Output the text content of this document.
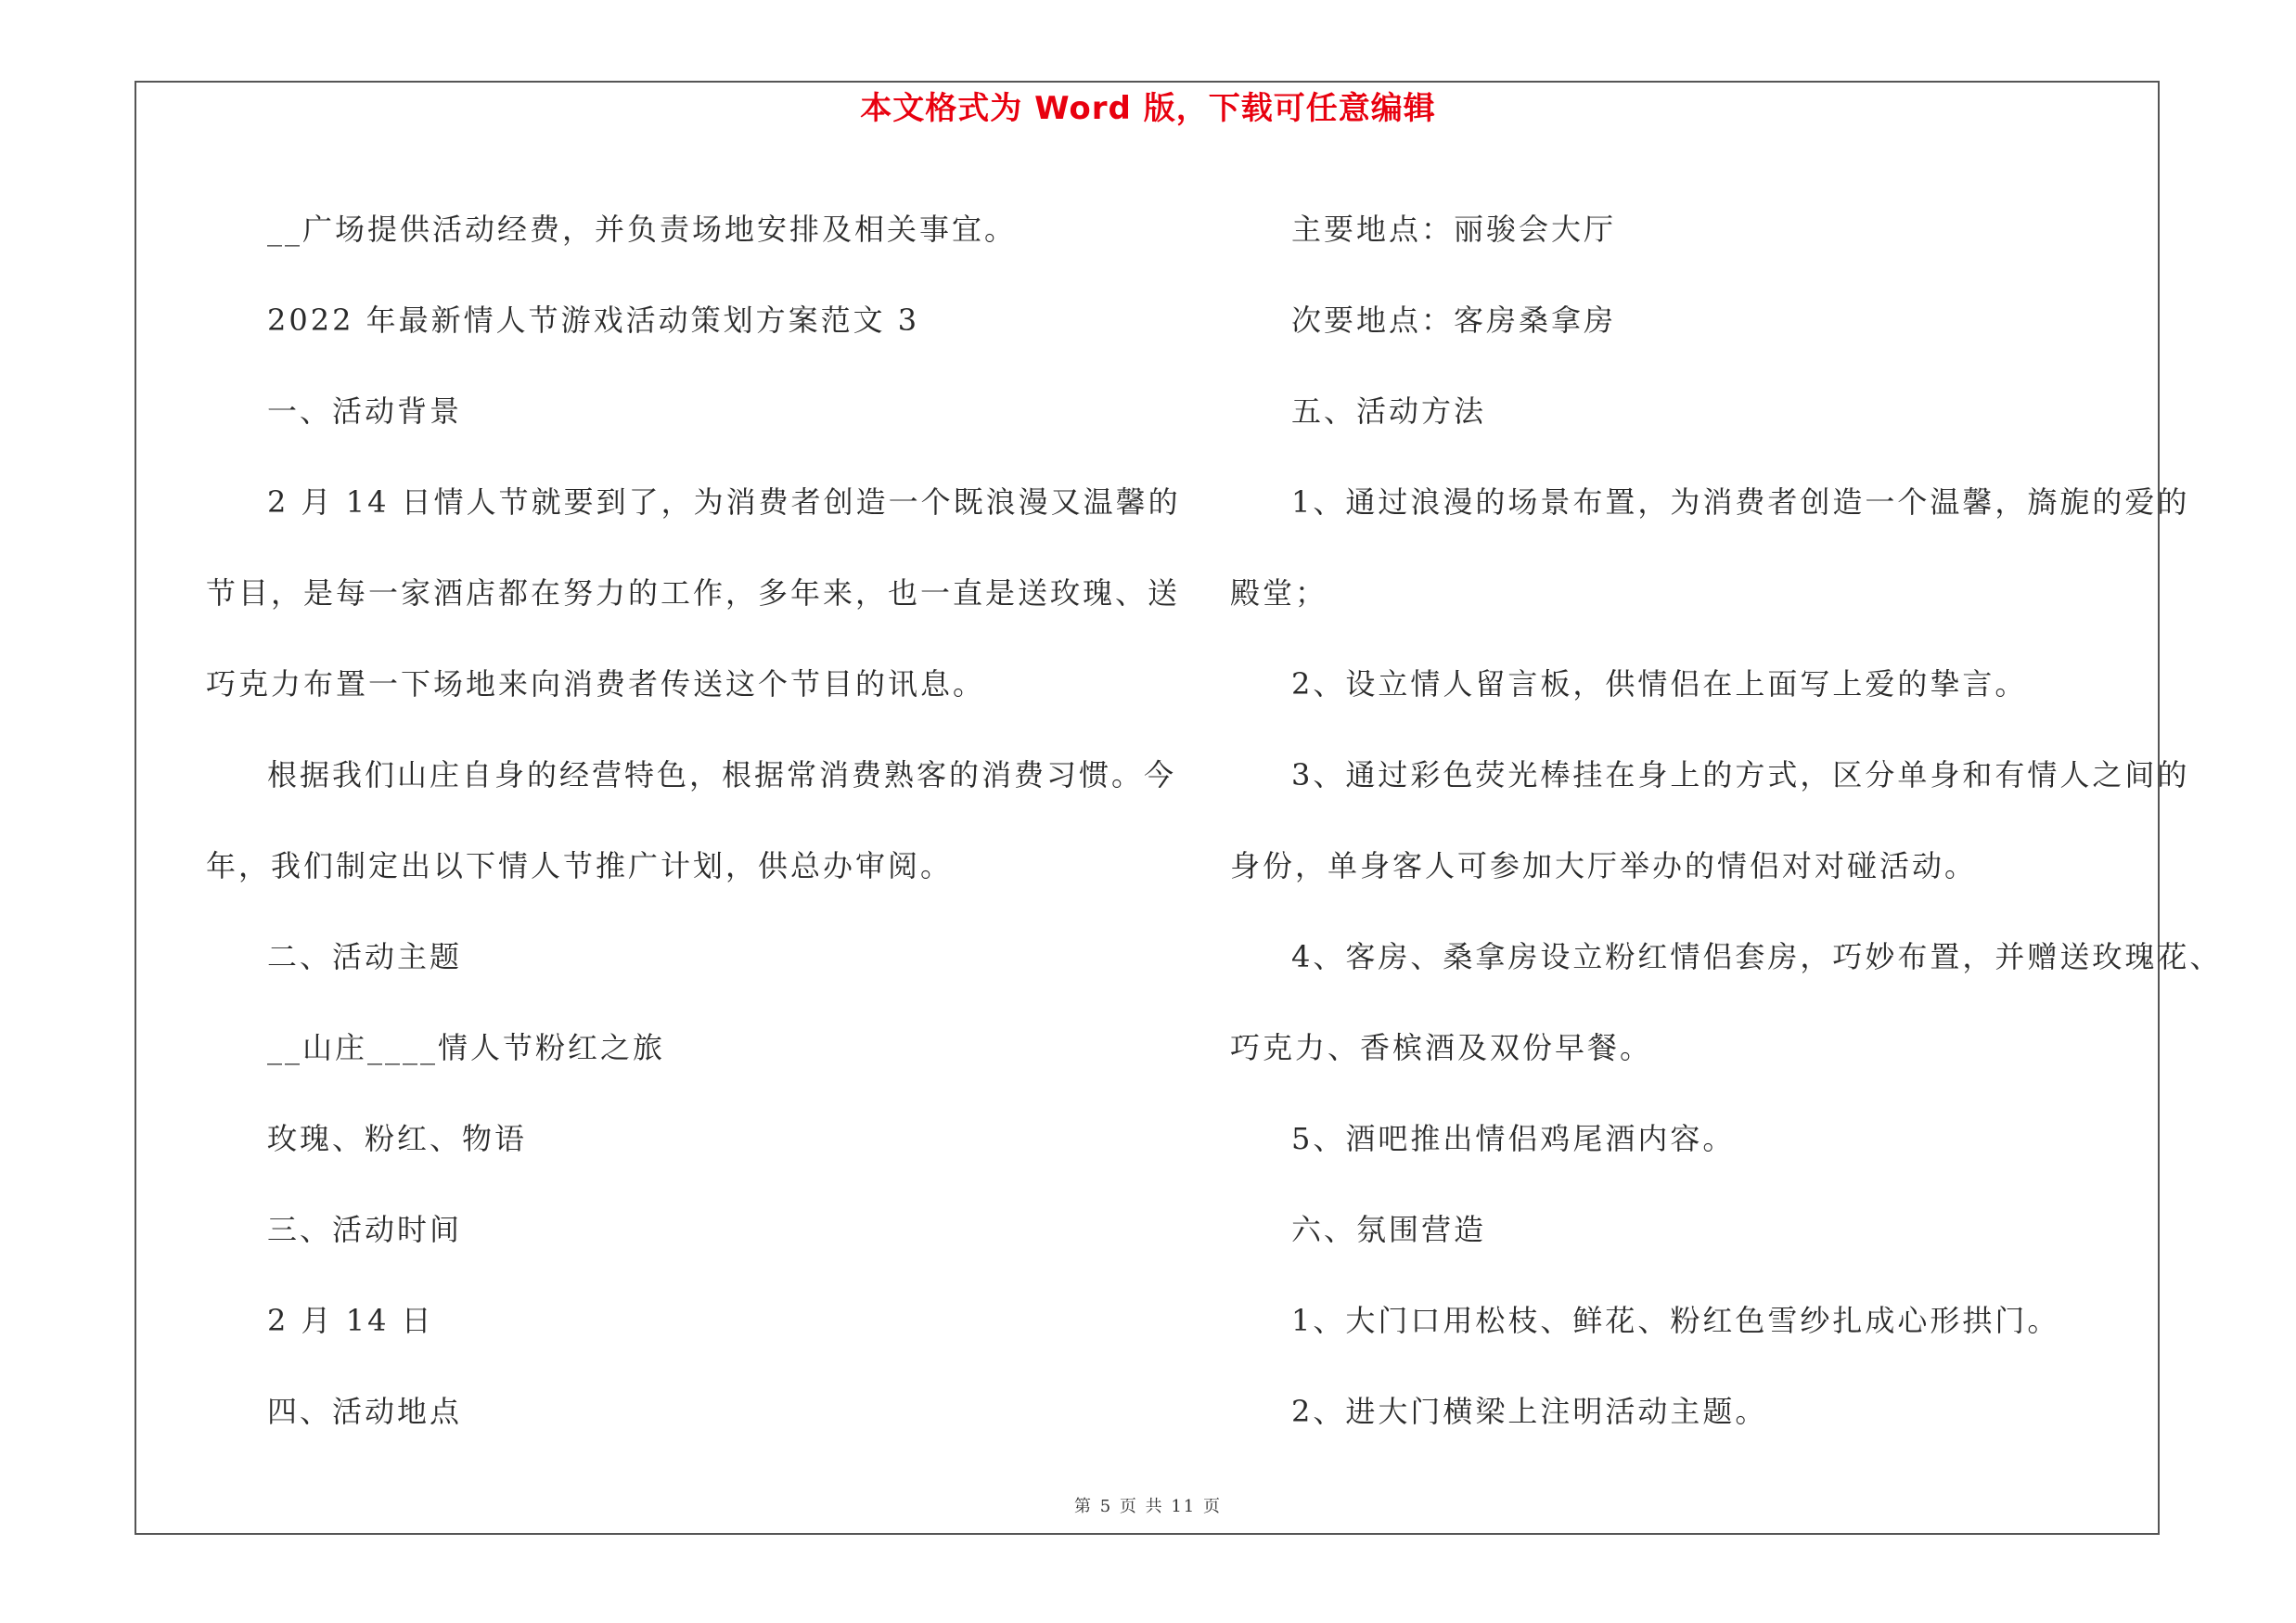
本文格式为 Word 版，下载可任意编辑

__广场提供活动经费，并负责场地安排及相关事宜。

2022 年最新情人节游戏活动策划方案范文 3

一、活动背景

2 月 14 日情人节就要到了，为消费者创造一个既浪漫又温馨的

节目，是每一家酒店都在努力的工作，多年来，也一直是送玫瑰、送

巧克力布置一下场地来向消费者传送这个节目的讯息。

根据我们山庄自身的经营特色，根据常消费熟客的消费习惯。今

年，我们制定出以下情人节推广计划，供总办审阅。

二、活动主题

__山庄____情人节粉红之旅

玫瑰、粉红、物语

三、活动时间

2 月 14 日

四、活动地点

主要地点：丽骏会大厅

次要地点：客房桑拿房

五、活动方法

1、通过浪漫的场景布置，为消费者创造一个温馨，旖旎的爱的

殿堂；

2、设立情人留言板，供情侣在上面写上爱的挚言。

3、通过彩色荧光棒挂在身上的方式，区分单身和有情人之间的

身份，单身客人可参加大厅举办的情侣对对碰活动。

4、客房、桑拿房设立粉红情侣套房，巧妙布置，并赠送玫瑰花、

巧克力、香槟酒及双份早餐。

5、酒吧推出情侣鸡尾酒内容。

六、氛围营造

1、大门口用松枝、鲜花、粉红色雪纱扎成心形拱门。

2、进大门横梁上注明活动主题。

第 5 页 共 11 页
